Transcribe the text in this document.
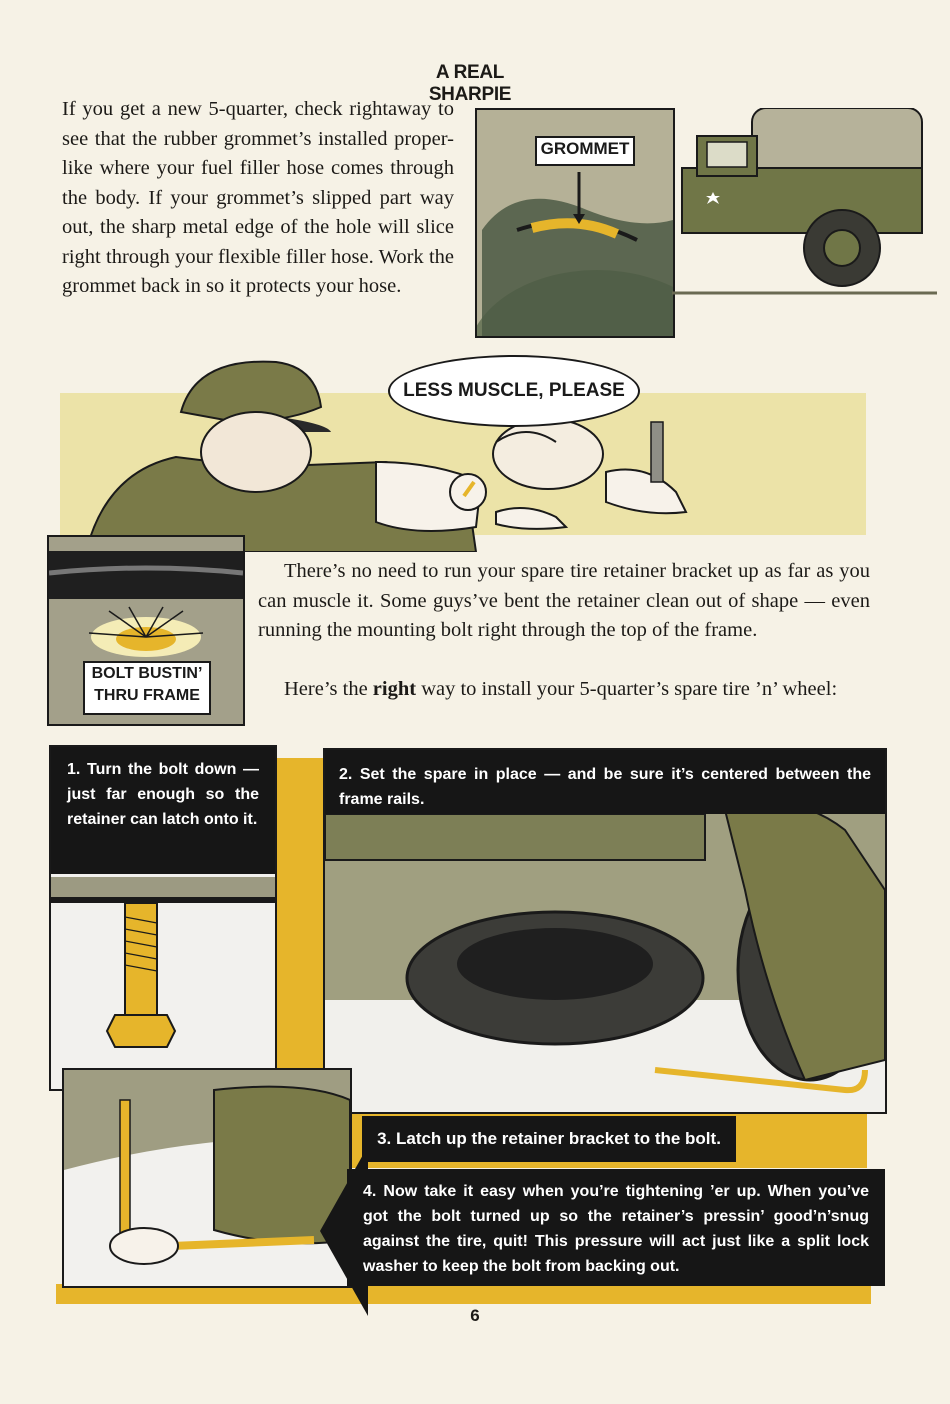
A REAL SHARPIE
If you get a new 5-quarter, check rightaway to see that the rubber grommet’s installed proper-like where your fuel filler hose comes through the body. If your grommet’s slipped part way out, the sharp metal edge of the hole will slice right through your flexible filler hose. Work the grommet back in so it protects your hose.
GROMMET
LESS MUSCLE, PLEASE
BOLT BUSTIN’
THRU FRAME
There’s no need to run your spare tire retainer bracket up as far as you can muscle it. Some guys’ve bent the retainer clean out of shape — even running the mounting bolt right through the top of the frame.
Here’s the right way to install your 5-quarter’s spare tire ’n’ wheel:
1. Turn the bolt down — just far enough so the retainer can latch onto it.
2. Set the spare in place — and be sure it’s centered between the frame rails.
3. Latch up the retainer bracket to the bolt.
4. Now take it easy when you’re tightening ’er up. When you’ve got the bolt turned up so the retainer’s pressin’ good’n’snug against the tire, quit! This pressure will act just like a split lock washer to keep the bolt from backing out.
6
